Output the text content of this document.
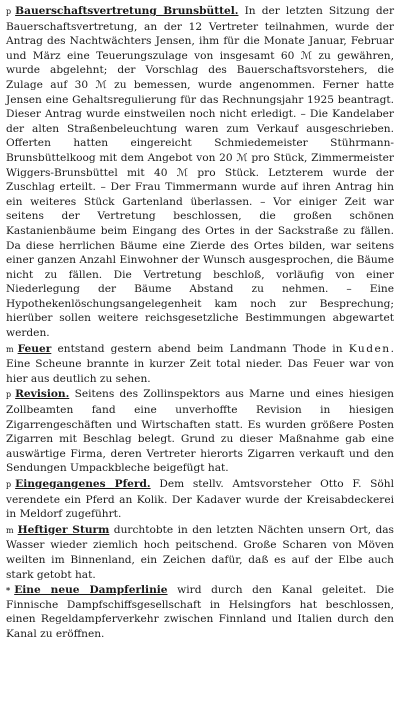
p Bauerschaftsvertretung Brunsbüttel. In der letzten Sitzung der Bauerschaftsvertretung, an der 12 Vertreter teilnahmen, wurde der Antrag des Nachtwächters Jensen, ihm für die Monate Januar, Februar und März eine Teuerungszulage von insgesamt 60 ℳ zu gewähren, wurde abgelehnt; der Vorschlag des Bauerschaftsvorstehers, die Zulage auf 30 ℳ zu bemessen, wurde angenommen. Ferner hatte Jensen eine Gehaltsregulierung für das Rechnungsjahr 1925 beantragt. Dieser Antrag wurde einstweilen noch nicht erledigt. – Die Kandelaber der alten Straßenbeleuchtung waren zum Verkauf ausgeschrieben. Offerten hatten eingereicht Schmiedemeister Stührmann-Brunsbüttelkoog mit dem Angebot von 20 ℳ pro Stück, Zimmermeister Wiggers-Brunsbüttel mit 40 ℳ pro Stück. Letzterem wurde der Zuschlag erteilt. – Der Frau Timmermann wurde auf ihren Antrag hin ein weiteres Stück Gartenland überlassen. – Vor einiger Zeit war seitens der Vertretung beschlossen, die großen schönen Kastanienbäume beim Eingang des Ortes in der Sackstraße zu fällen. Da diese herrlichen Bäume eine Zierde des Ortes bilden, war seitens einer ganzen Anzahl Einwohner der Wunsch ausgesprochen, die Bäume nicht zu fällen. Die Vertretung beschloß, vorläufig von einer Niederlegung der Bäume Abstand zu nehmen. – Eine Hypothekenlöschungsangelegenheit kam noch zur Besprechung; hierüber sollen weitere reichsgesetzliche Bestimmungen abgewartet werden.

m Feuer entstand gestern abend beim Landmann Thode in Kuden. Eine Scheune brannte in kurzer Zeit total nieder. Das Feuer war von hier aus deutlich zu sehen.

p Revision. Seitens des Zollinspektors aus Marne und eines hiesigen Zollbeamten fand eine unverhoffte Revision in hiesigen Zigarrengeschäften und Wirtschaften statt. Es wurden größere Posten Zigarren mit Beschlag belegt. Grund zu dieser Maßnahme gab eine auswärtige Firma, deren Vertreter hierorts Zigarren verkauft und den Sendungen Umpackbleche beigefügt hat.

p Eingegangenes Pferd. Dem stellv. Amtsvorsteher Otto F. Söhl verendete ein Pferd an Kolik. Der Kadaver wurde der Kreisabdeckerei in Meldorf zugeführt.

m Heftiger Sturm durchtobte in den letzten Nächten unsern Ort, das Wasser wieder ziemlich hoch peitschend. Große Scharen von Möven weilten im Binnenland, ein Zeichen dafür, daß es auf der Elbe auch stark getobt hat.

* Eine neue Dampferlinie wird durch den Kanal geleitet. Die Finnische Dampfschiffsgesellschaft in Helsingfors hat beschlossen, einen Regeldampferverkehr zwischen Finnland und Italien durch den Kanal zu eröffnen.
